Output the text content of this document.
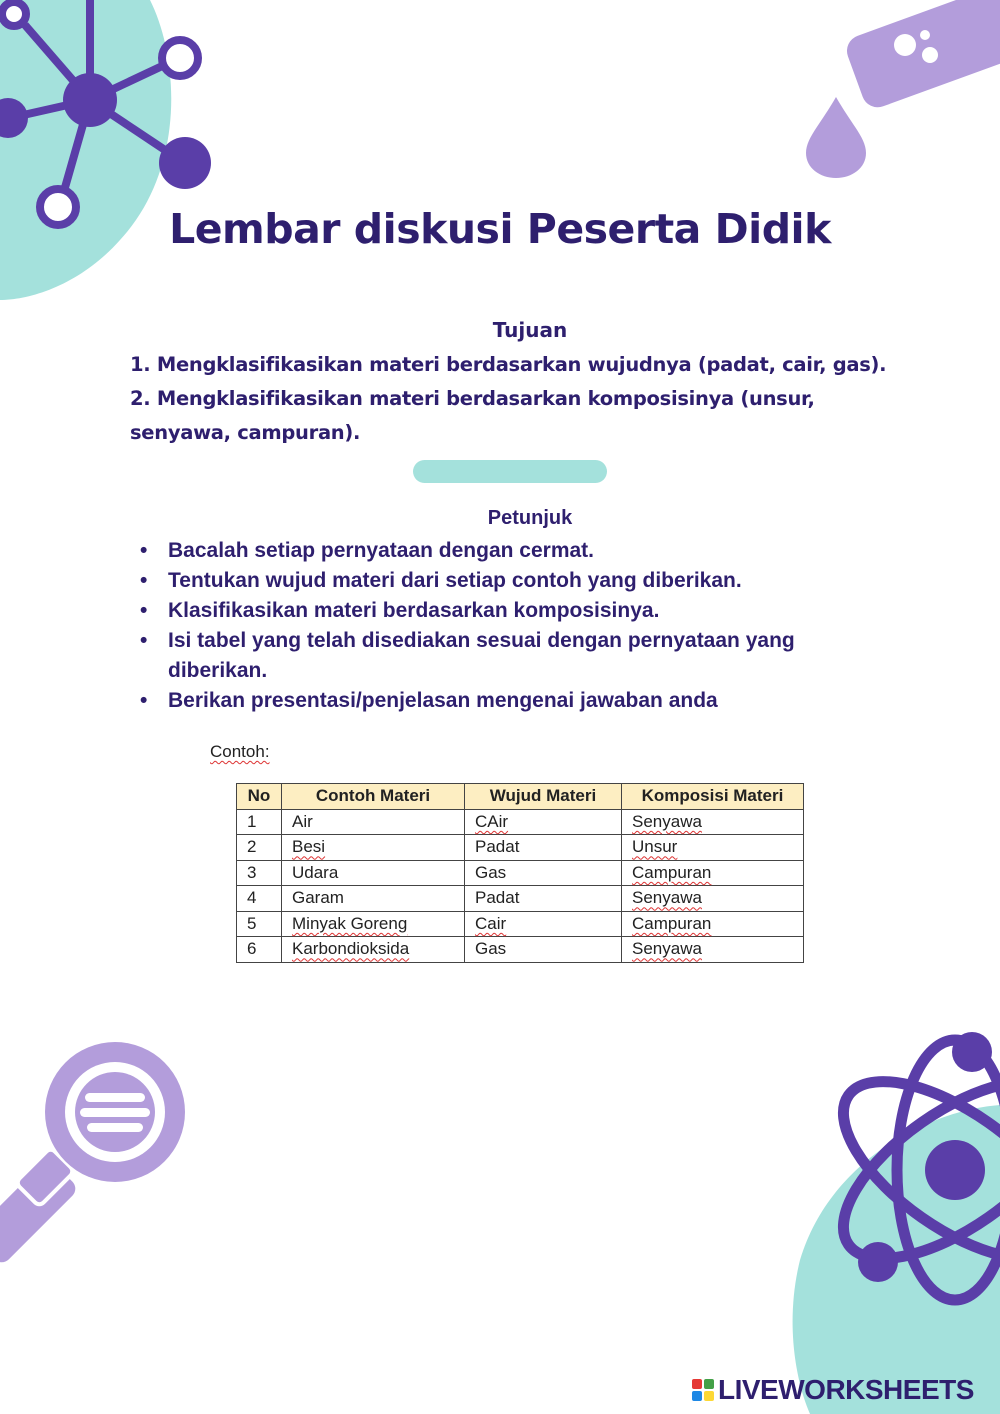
Lembar diskusi Peserta Didik
Tujuan
1. Mengklasifikasikan materi berdasarkan wujudnya (padat, cair, gas).
2. Mengklasifikasikan materi berdasarkan komposisinya (unsur, senyawa, campuran).
Petunjuk
• Bacalah setiap pernyataan dengan cermat.
• Tentukan wujud materi dari setiap contoh yang diberikan.
• Klasifikasikan materi berdasarkan komposisinya.
• Isi tabel yang telah disediakan sesuai dengan pernyataan yang diberikan.
• Berikan presentasi/penjelasan mengenai jawaban anda
Contoh:
No	Contoh Materi	Wujud Materi	Komposisi Materi
1	Air	CAir	Senyawa
2	Besi	Padat	Unsur
3	Udara	Gas	Campuran
4	Garam	Padat	Senyawa
5	Minyak Goreng	Cair	Campuran
6	Karbondioksida	Gas	Senyawa
LIVEWORKSHEETS
